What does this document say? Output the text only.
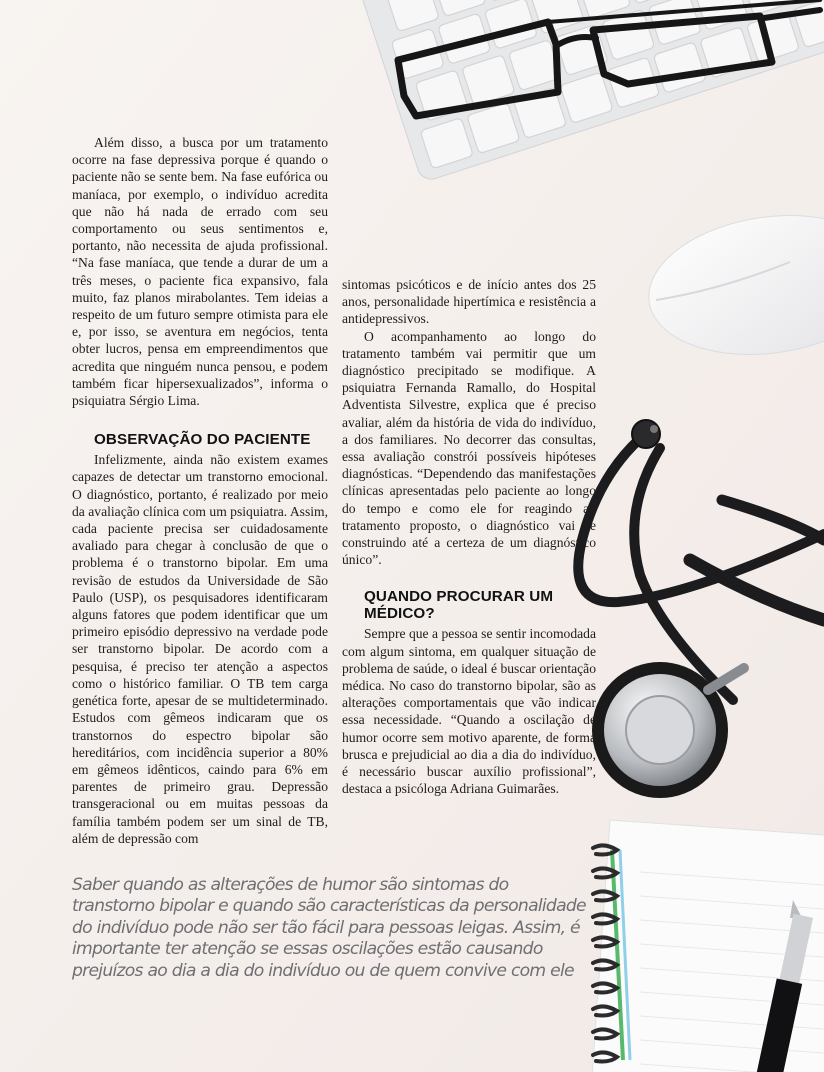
Além disso, a busca por um tratamento ocorre na fase depressiva porque é quando o paciente não se sente bem. Na fase eufórica ou maníaca, por exemplo, o indivíduo acredita que não há nada de errado com seu comportamento ou seus sentimentos e, portanto, não necessita de ajuda profissional. “Na fase maníaca, que tende a durar de um a três meses, o paciente fica expansivo, fala muito, faz planos mirabolantes. Tem ideias a respeito de um futuro sempre otimista para ele e, por isso, se aventura em negócios, tenta obter lucros, pensa em empreendimentos que acredita que ninguém nunca pensou, e podem também ficar hipersexualizados”, informa o psiquiatra Sérgio Lima.

OBSERVAÇÃO DO PACIENTE

Infelizmente, ainda não existem exames capazes de detectar um transtorno emocional. O diagnóstico, portanto, é realizado por meio da avaliação clínica com um psiquiatra. Assim, cada paciente precisa ser cuidadosamente avaliado para chegar à conclusão de que o problema é o transtorno bipolar. Em uma revisão de estudos da Universidade de São Paulo (USP), os pesquisadores identificaram alguns fatores que podem identificar que um primeiro episódio depressivo na verdade pode ser transtorno bipolar. De acordo com a pesquisa, é preciso ter atenção a aspectos como o histórico familiar. O TB tem carga genética forte, apesar de se multideterminado. Estudos com gêmeos indicaram que os transtornos do espectro bipolar são hereditários, com incidência superior a 80% em gêmeos idênticos, caindo para 6% em parentes de primeiro grau. Depressão transgeracional ou em muitas pessoas da família também podem ser um sinal de TB, além de depressão com

sintomas psicóticos e de início antes dos 25 anos, personalidade hipertímica e resistência a antidepressivos.

O acompanhamento ao longo do tratamento também vai permitir que um diagnóstico precipitado se modifique. A psiquiatra Fernanda Ramallo, do Hospital Adventista Silvestre, explica que é preciso avaliar, além da história de vida do indivíduo, a dos familiares. No decorrer das consultas, essa avaliação constrói possíveis hipóteses diagnósticas. “Dependendo das manifestações clínicas apresentadas pelo paciente ao longo do tempo e como ele for reagindo ao tratamento proposto, o diagnóstico vai se construindo até a certeza de um diagnóstico único”.

QUANDO PROCURAR UM MÉDICO?

Sempre que a pessoa se sentir incomodada com algum sintoma, em qualquer situação de problema de saúde, o ideal é buscar orientação médica. No caso do transtorno bipolar, são as alterações comportamentais que vão indicar essa necessidade. “Quando a oscilação de humor ocorre sem motivo aparente, de forma brusca e prejudicial ao dia a dia do indivíduo, é necessário buscar auxílio profissional”, destaca a psicóloga Adriana Guimarães.

Saber quando as alterações de humor são sintomas do transtorno bipolar e quando são características da personalidade do indivíduo pode não ser tão fácil para pessoas leigas. Assim, é importante ter atenção se essas oscilações estão causando prejuízos ao dia a dia do indivíduo ou de quem convive com ele
